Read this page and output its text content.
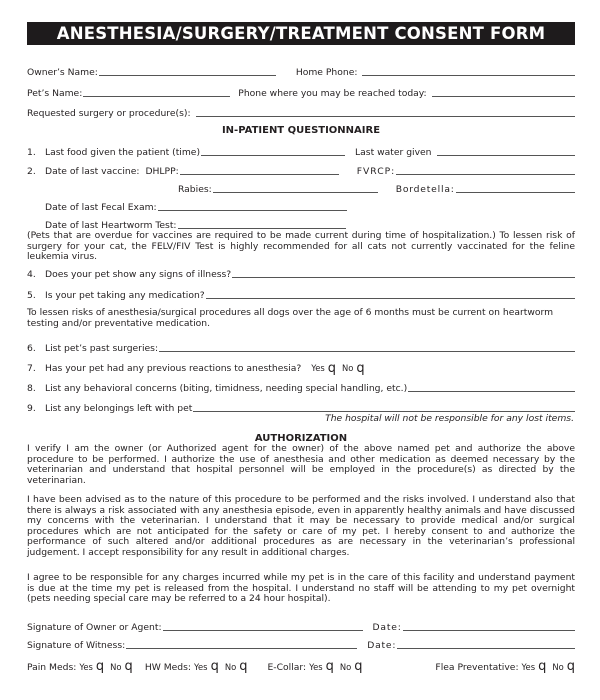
ANESTHESIA/SURGERY/TREATMENT CONSENT FORM
Owner’s Name:	Home Phone:
Pet’s Name:	Phone where you may be reached today:
Requested surgery or procedure(s):
IN-PATIENT QUESTIONNAIRE
1.	Last food given the patient (time)	Last water given
2.	Date of last vaccine: DHLPP:	FVRCP:
Rabies:	Bordetella:
Date of last Fecal Exam:
Date of last Heartworm Test:
(Pets that are overdue for vaccines are required to be made current during time of hospitalization.) To lessen risk of surgery for your cat, the FELV/FIV Test is highly recommended for all cats not currently vaccinated for the feline leukemia virus.
4.	Does your pet show any signs of illness?
5.	Is your pet taking any medication?
To lessen risks of anesthesia/surgical procedures all dogs over the age of 6 months must be current on heartworm testing and/or preventative medication.
6.	List pet’s past surgeries:
7.	Has your pet had any previous reactions to anesthesia? Yes q No q
8.	List any behavioral concerns (biting, timidness, needing special handling, etc.)
9.	List any belongings left with pet
The hospital will not be responsible for any lost items.
AUTHORIZATION
I verify I am the owner (or Authorized agent for the owner) of the above named pet and authorize the above procedure to be performed. I authorize the use of anesthesia and other medication as deemed necessary by the veterinarian and understand that hospital personnel will be employed in the procedure(s) as directed by the veterinarian.
I have been advised as to the nature of this procedure to be performed and the risks involved. I understand also that there is always a risk associated with any anesthesia episode, even in apparently healthy animals and have discussed my concerns with the veterinarian. I understand that it may be necessary to provide medical and/or surgical procedures which are not anticipated for the safety or care of my pet. I hereby consent to and authorize the performance of such altered and/or additional procedures as are necessary in the veterinarian’s professional judgement. I accept responsibility for any result in additional charges.
I agree to be responsible for any charges incurred while my pet is in the care of this facility and understand payment is due at the time my pet is released from the hospital. I understand no staff will be attending to my pet overnight (pets needing special care may be referred to a 24 hour hospital).
Signature of Owner or Agent:	Date:
Signature of Witness:	Date:
Pain Meds: Yes q No q HW Meds: Yes q No q E-Collar: Yes q No q	Flea Preventative: Yes q No q
